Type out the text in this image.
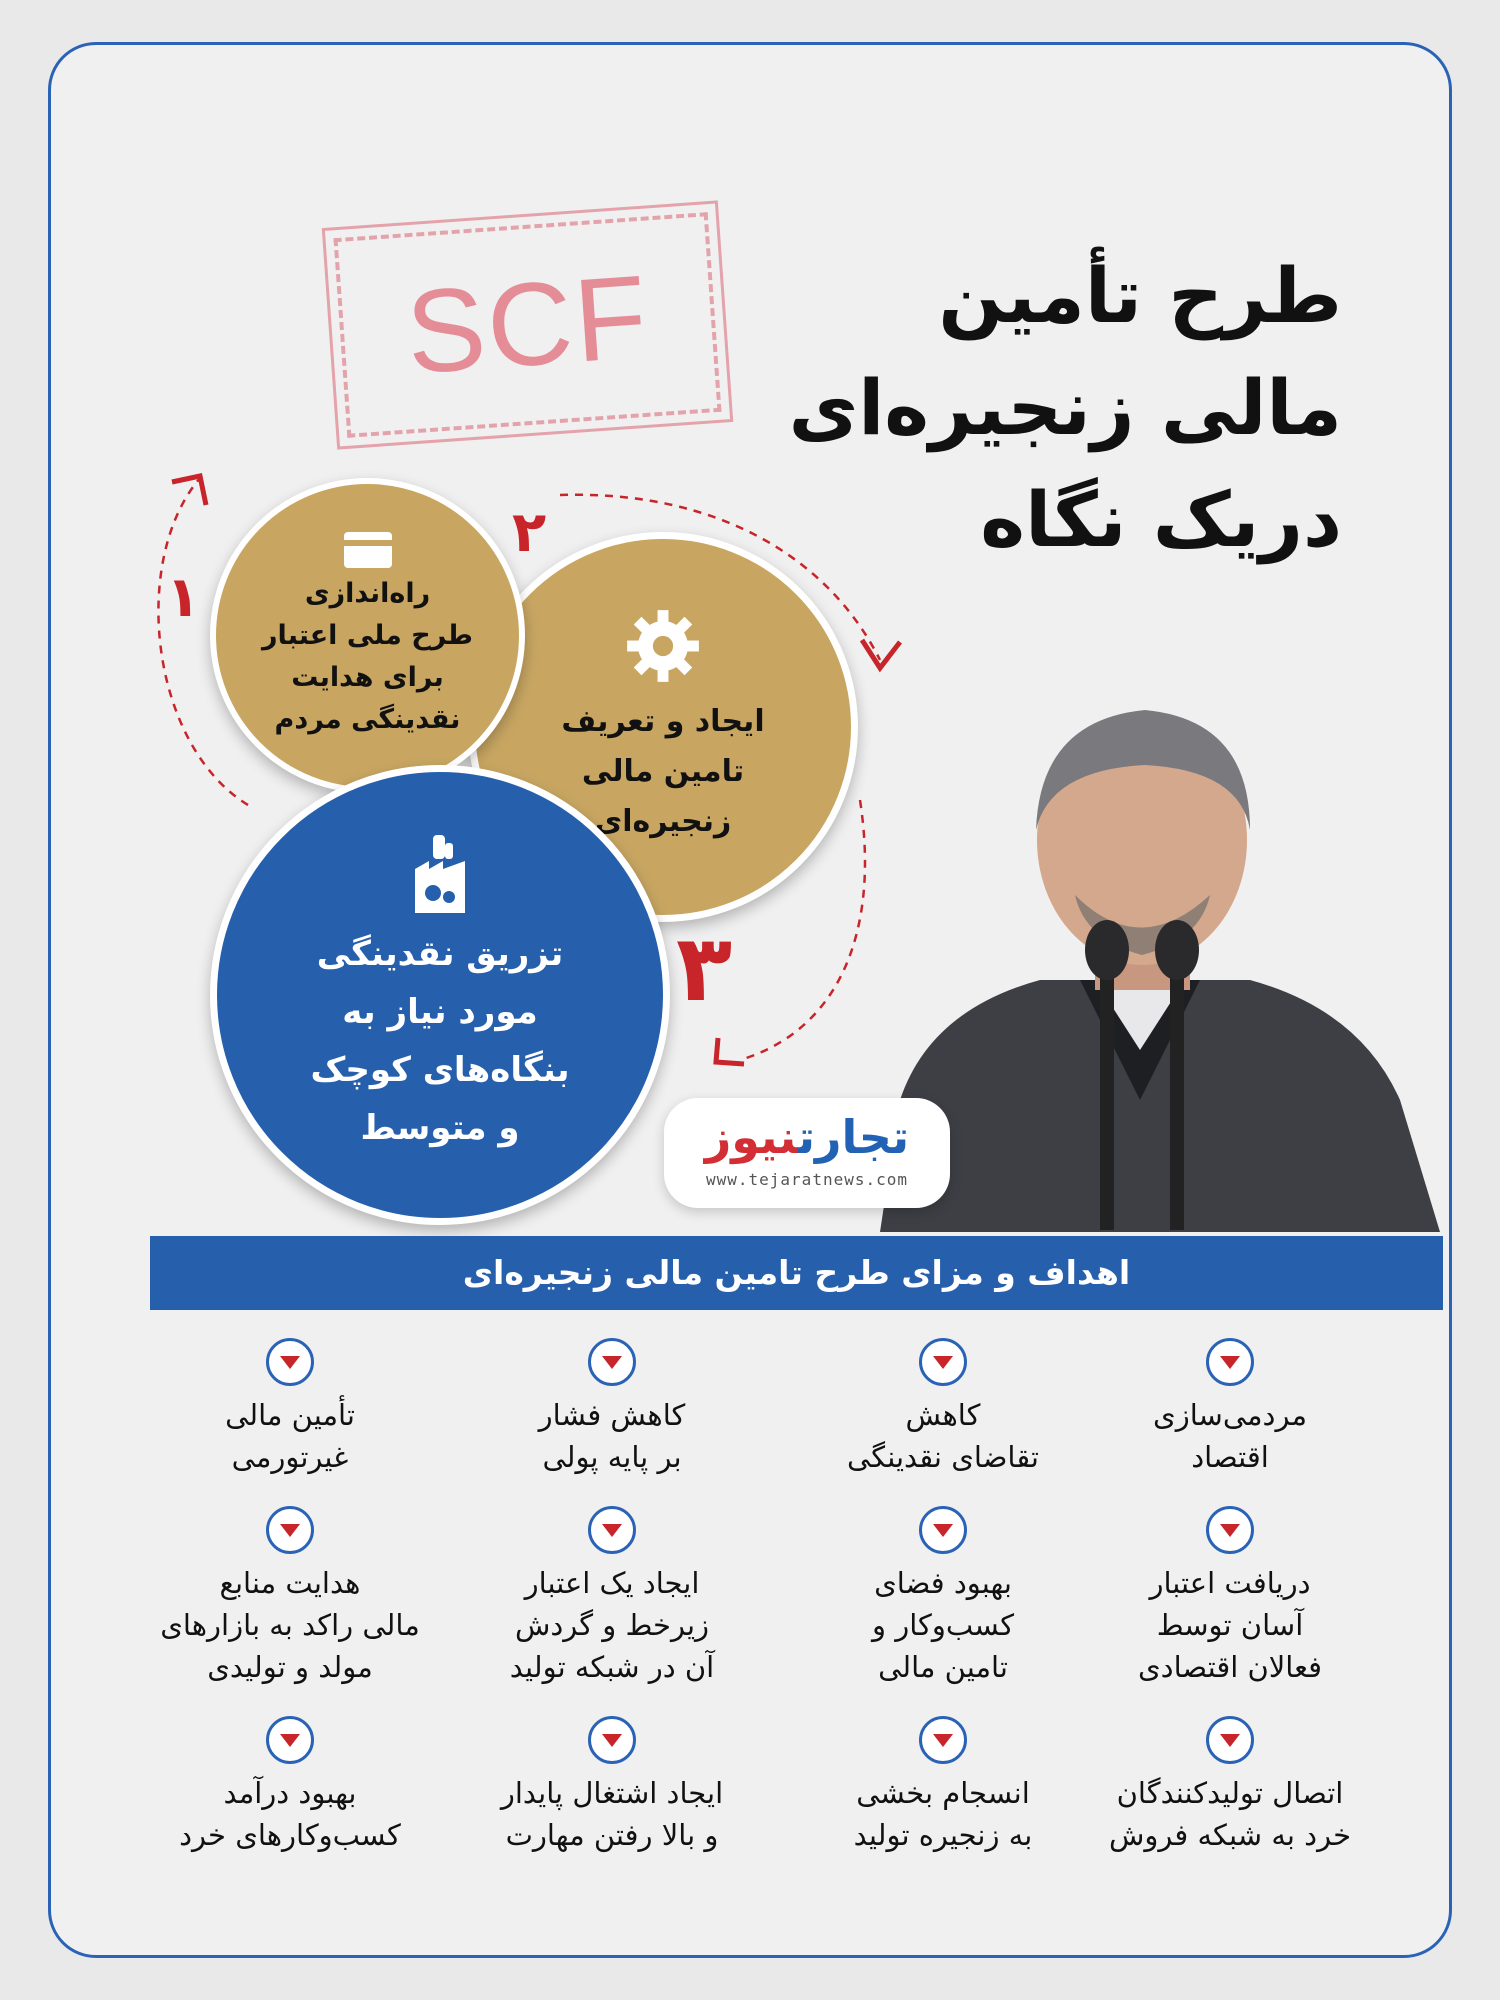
SCF	طرح تأمین
مالی زنجیره‌ای
دریک نگاه
۱
۲
۳
ایجاد و تعریف
تامین مالی
زنجیره‌ای
راه‌اندازی
طرح ملی اعتبار
برای هدایت
نقدینگی مردم
تزریق نقدینگی
مورد نیاز به
بنگاه‌های کوچک
و متوسط	تجارتنیوز
www.tejaratnews.com
اهداف و مزای طرح تامین مالی زنجیره‌ای
مردمی‌سازی
اقتصاد
کاهش
تقاضای نقدینگی
کاهش فشار
بر پایه پولی
تأمین مالی
غیرتورمی
دریافت اعتبار
آسان توسط
فعالان اقتصادی
بهبود فضای
کسب‌وکار و
تامین مالی
ایجاد یک اعتبار
زیرخط و گردش
آن در شبکه تولید
هدایت منابع
مالی راکد به بازارهای
مولد و تولیدی
اتصال تولیدکنندگان
خرد به شبکه فروش
انسجام بخشی
به زنجیره تولید
ایجاد اشتغال پایدار
و بالا رفتن مهارت
بهبود درآمد
کسب‌وکارهای خرد
